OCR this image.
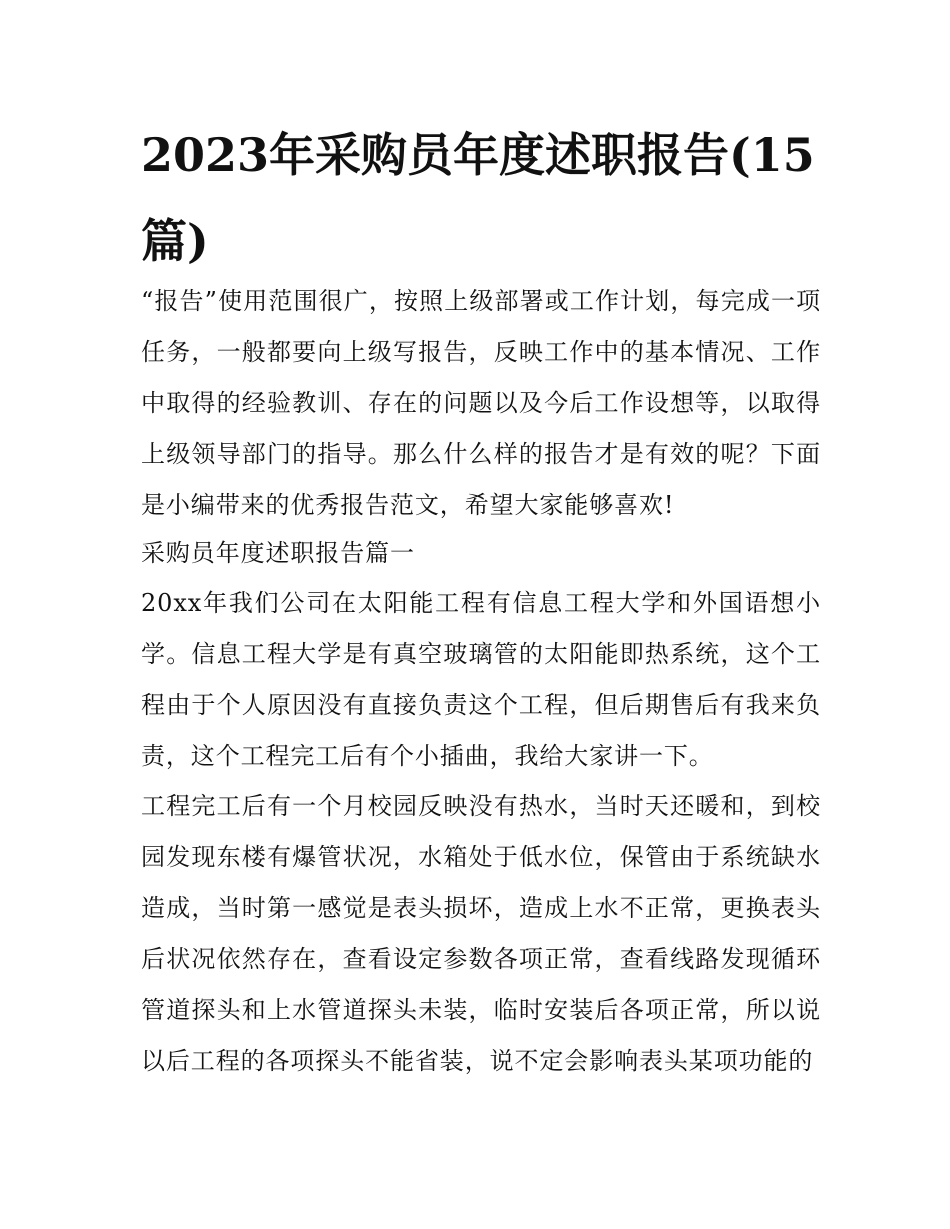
2023年采购员年度述职报告(15篇)

“报告”使用范围很广，按照上级部署或工作计划，每完成一项任务，一般都要向上级写报告，反映工作中的基本情况、工作中取得的经验教训、存在的问题以及今后工作设想等，以取得上级领导部门的指导。那么什么样的报告才是有效的呢？下面是小编带来的优秀报告范文，希望大家能够喜欢!

采购员年度述职报告篇一

20xx年我们公司在太阳能工程有信息工程大学和外国语想小学。信息工程大学是有真空玻璃管的太阳能即热系统，这个工程由于个人原因没有直接负责这个工程，但后期售后有我来负责，这个工程完工后有个小插曲，我给大家讲一下。

工程完工后有一个月校园反映没有热水，当时天还暖和，到校园发现东楼有爆管状况，水箱处于低水位，保管由于系统缺水造成，当时第一感觉是表头损坏，造成上水不正常，更换表头后状况依然存在，查看设定参数各项正常，查看线路发现循环管道探头和上水管道探头未装，临时安装后各项正常，所以说以后工程的各项探头不能省装，说不定会影响表头某项功能的
